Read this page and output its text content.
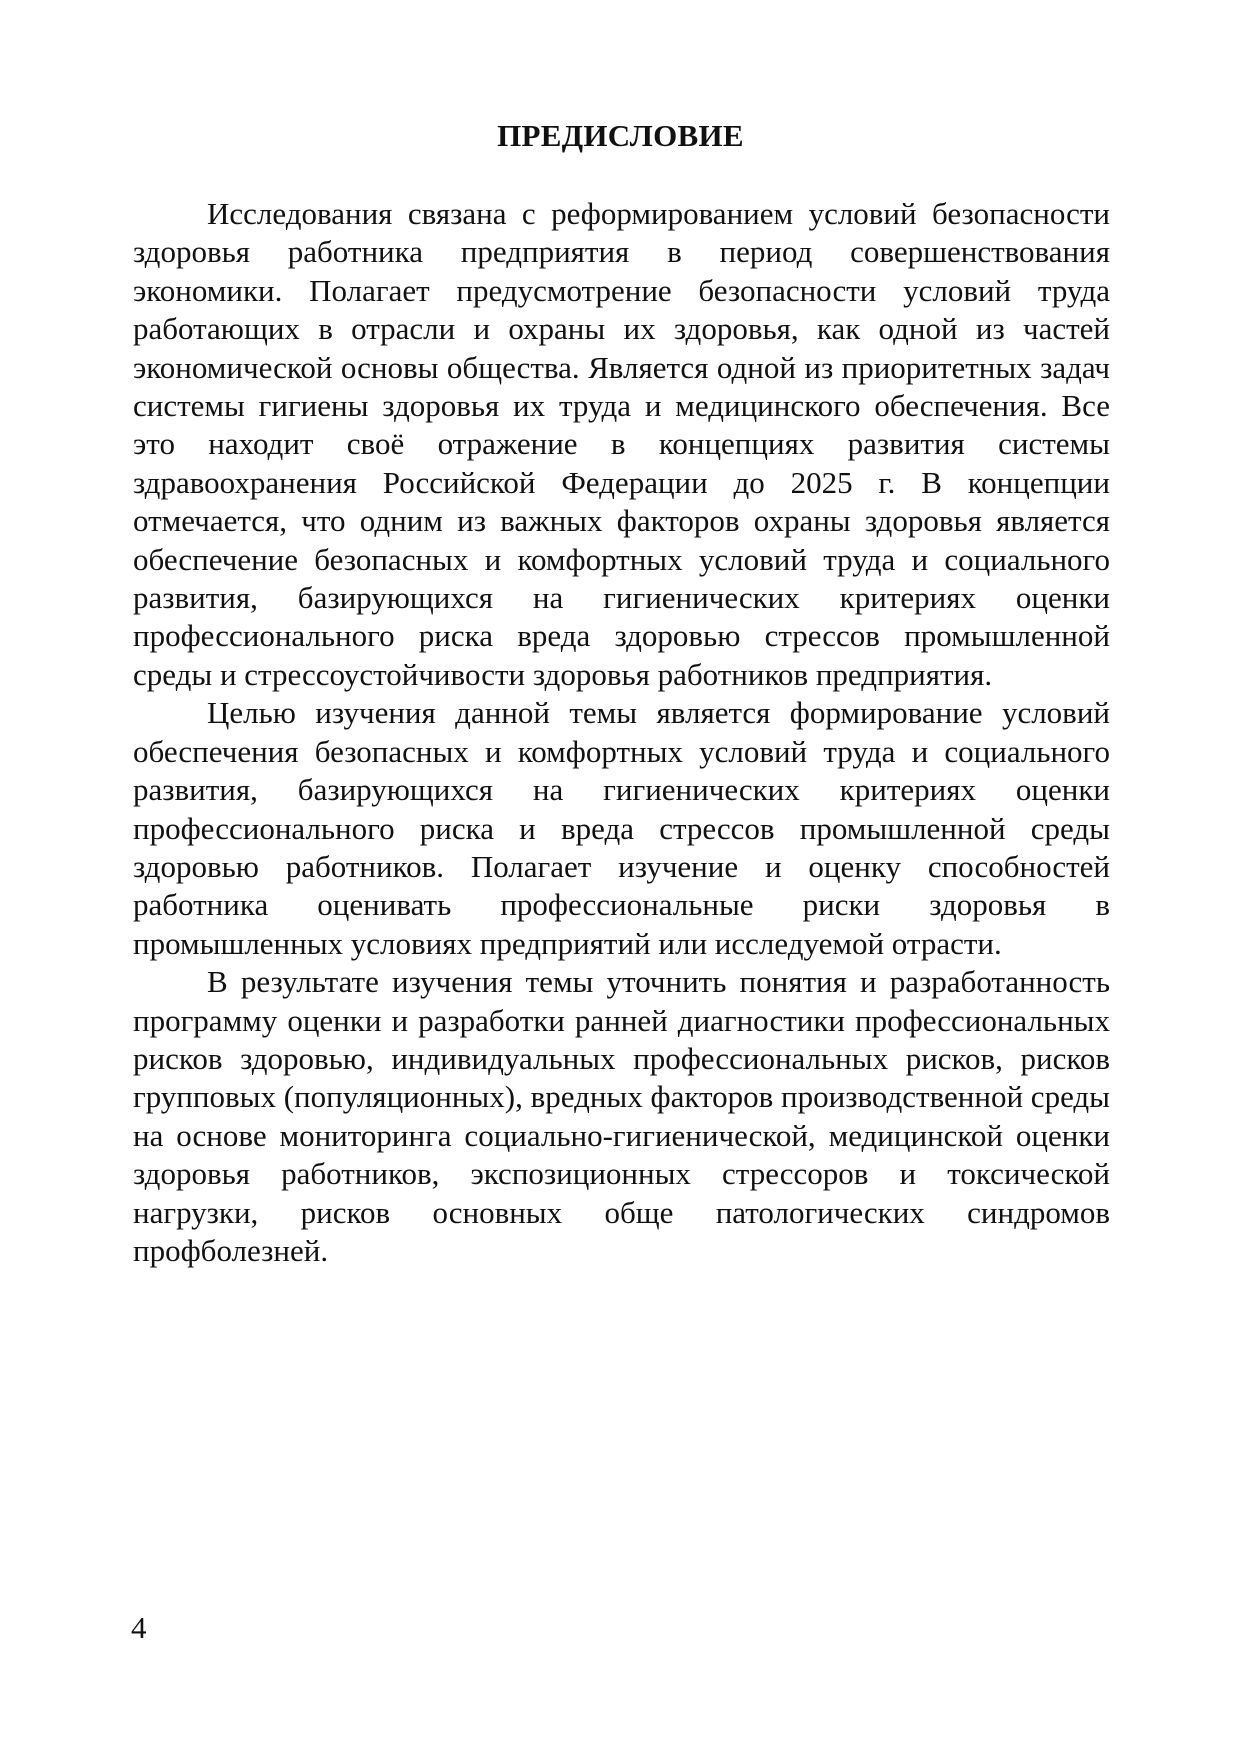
ПРЕДИСЛОВИЕ

Исследования связана с реформированием условий безопасности здоровья работника предприятия в период совершенствования экономики. Полагает предусмотрение безопасности условий труда работающих в отрасли и охраны их здоровья, как одной из частей экономической основы общества. Является одной из приоритетных задач системы гигиены здоровья их труда и медицинского обеспечения. Все это находит своё отражение в концепциях развития системы здравоохранения Российской Федерации до 2025 г. В концепции отмечается, что одним из важных факторов охраны здоровья является обеспечение безопасных и комфортных условий труда и социального развития, базирующихся на гигиенических критериях оценки профессионального риска вреда здоровью стрессов промышленной среды и стрессоустойчивости здоровья работников предприятия.

Целью изучения данной темы является формирование условий обеспечения безопасных и комфортных условий труда и социального развития, базирующихся на гигиенических критериях оценки профессионального риска и вреда стрессов промышленной среды здоровью работников. Полагает изучение и оценку способностей работника оценивать профессиональные риски здоровья в промышленных условиях предприятий или исследуемой отрасти.

В результате изучения темы уточнить понятия и разработанность программу оценки и разработки ранней диагностики профессиональных рисков здоровью, индивидуальных профессиональных рисков, рисков групповых (популяционных), вредных факторов производственной среды на основе мониторинга социально-гигиенической, медицинской оценки здоровья работников, экспозиционных стрессоров и токсической нагрузки, рисков основных обще патологических синдромов профболезней.

4
